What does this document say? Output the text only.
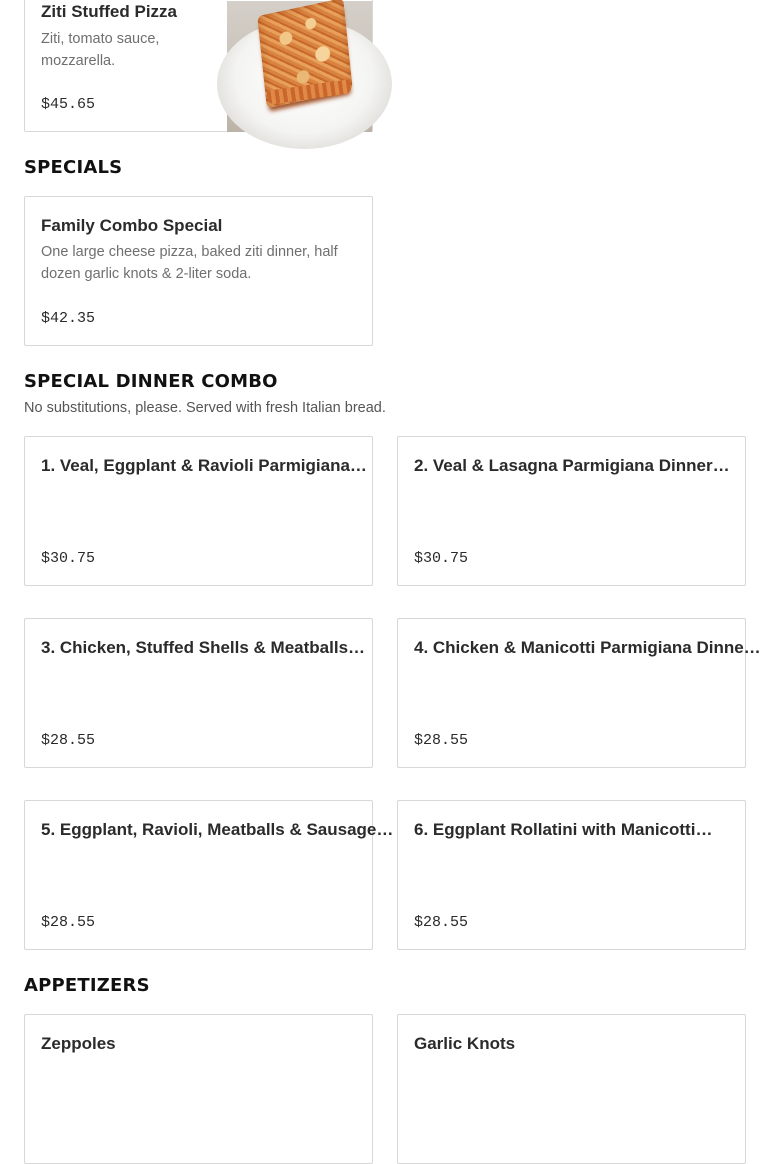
Ziti Stuffed Pizza
Ziti, tomato sauce, mozzarella.
$45.65
SPECIALS
Family Combo Special
One large cheese pizza, baked ziti dinner, half dozen garlic knots & 2-liter soda.
$42.35
SPECIAL DINNER COMBO
No substitutions, please. Served with fresh Italian bread.
1. Veal, Eggplant & Ravioli Parmigiana…
$30.75
2. Veal & Lasagna Parmigiana Dinner…
$30.75
3. Chicken, Stuffed Shells & Meatballs…
$28.55
4. Chicken & Manicotti Parmigiana Dinne…
$28.55
5. Eggplant, Ravioli, Meatballs & Sausage…
$28.55
6. Eggplant Rollatini with Manicotti…
$28.55
APPETIZERS
Zeppoles	Garlic Knots
